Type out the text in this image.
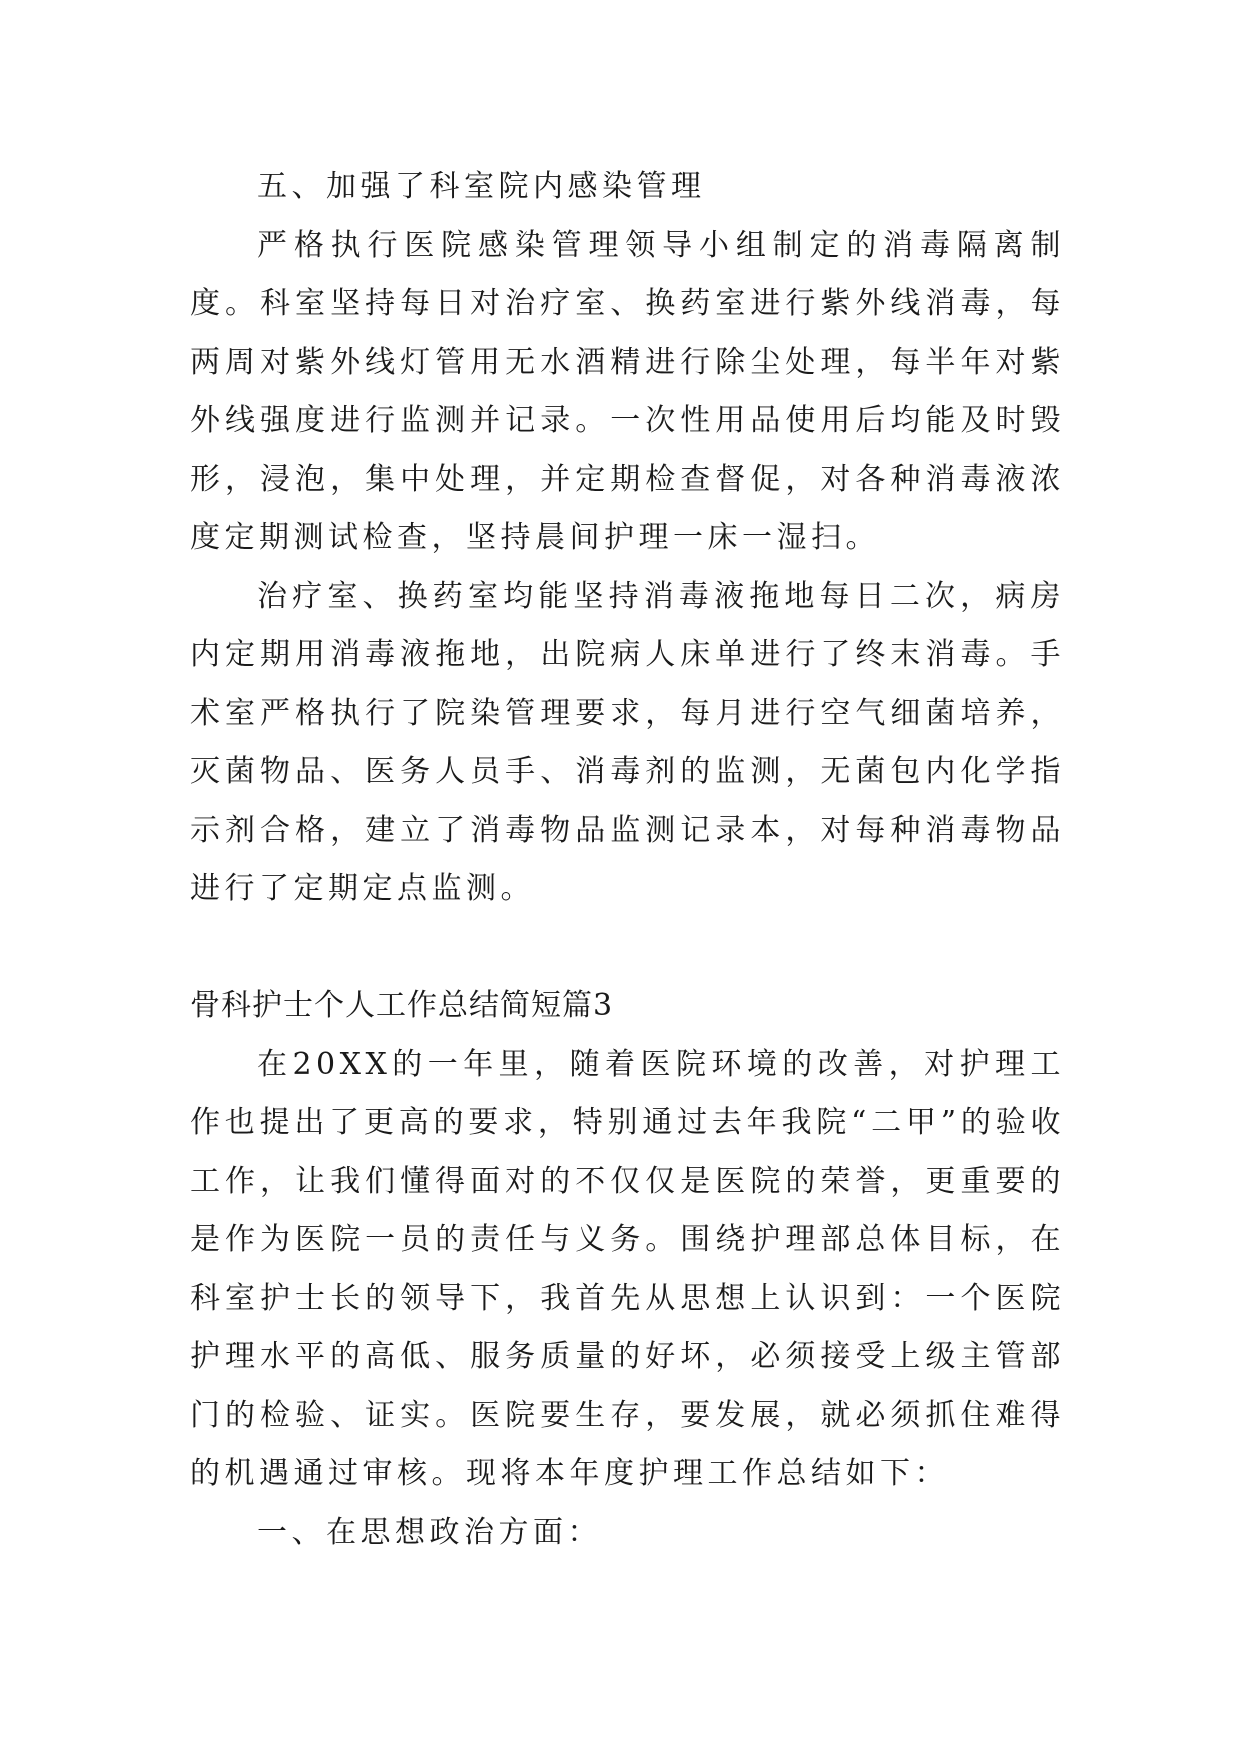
五、加强了科室院内感染管理

严格执行医院感染管理领导小组制定的消毒隔离制度。科室坚持每日对治疗室、换药室进行紫外线消毒，每两周对紫外线灯管用无水酒精进行除尘处理，每半年对紫外线强度进行监测并记录。一次性用品使用后均能及时毁形，浸泡，集中处理，并定期检查督促，对各种消毒液浓度定期测试检查，坚持晨间护理一床一湿扫。

治疗室、换药室均能坚持消毒液拖地每日二次，病房内定期用消毒液拖地，出院病人床单进行了终末消毒。手术室严格执行了院染管理要求，每月进行空气细菌培养，灭菌物品、医务人员手、消毒剂的监测，无菌包内化学指示剂合格，建立了消毒物品监测记录本，对每种消毒物品进行了定期定点监测。

骨科护士个人工作总结简短篇3

在20XX的一年里，随着医院环境的改善，对护理工作也提出了更高的要求，特别通过去年我院“二甲”的验收工作，让我们懂得面对的不仅仅是医院的荣誉，更重要的是作为医院一员的责任与义务。围绕护理部总体目标，在科室护士长的领导下，我首先从思想上认识到：一个医院护理水平的高低、服务质量的好坏，必须接受上级主管部门的检验、证实。医院要生存，要发展，就必须抓住难得的机遇通过审核。现将本年度护理工作总结如下：

一、在思想政治方面：
